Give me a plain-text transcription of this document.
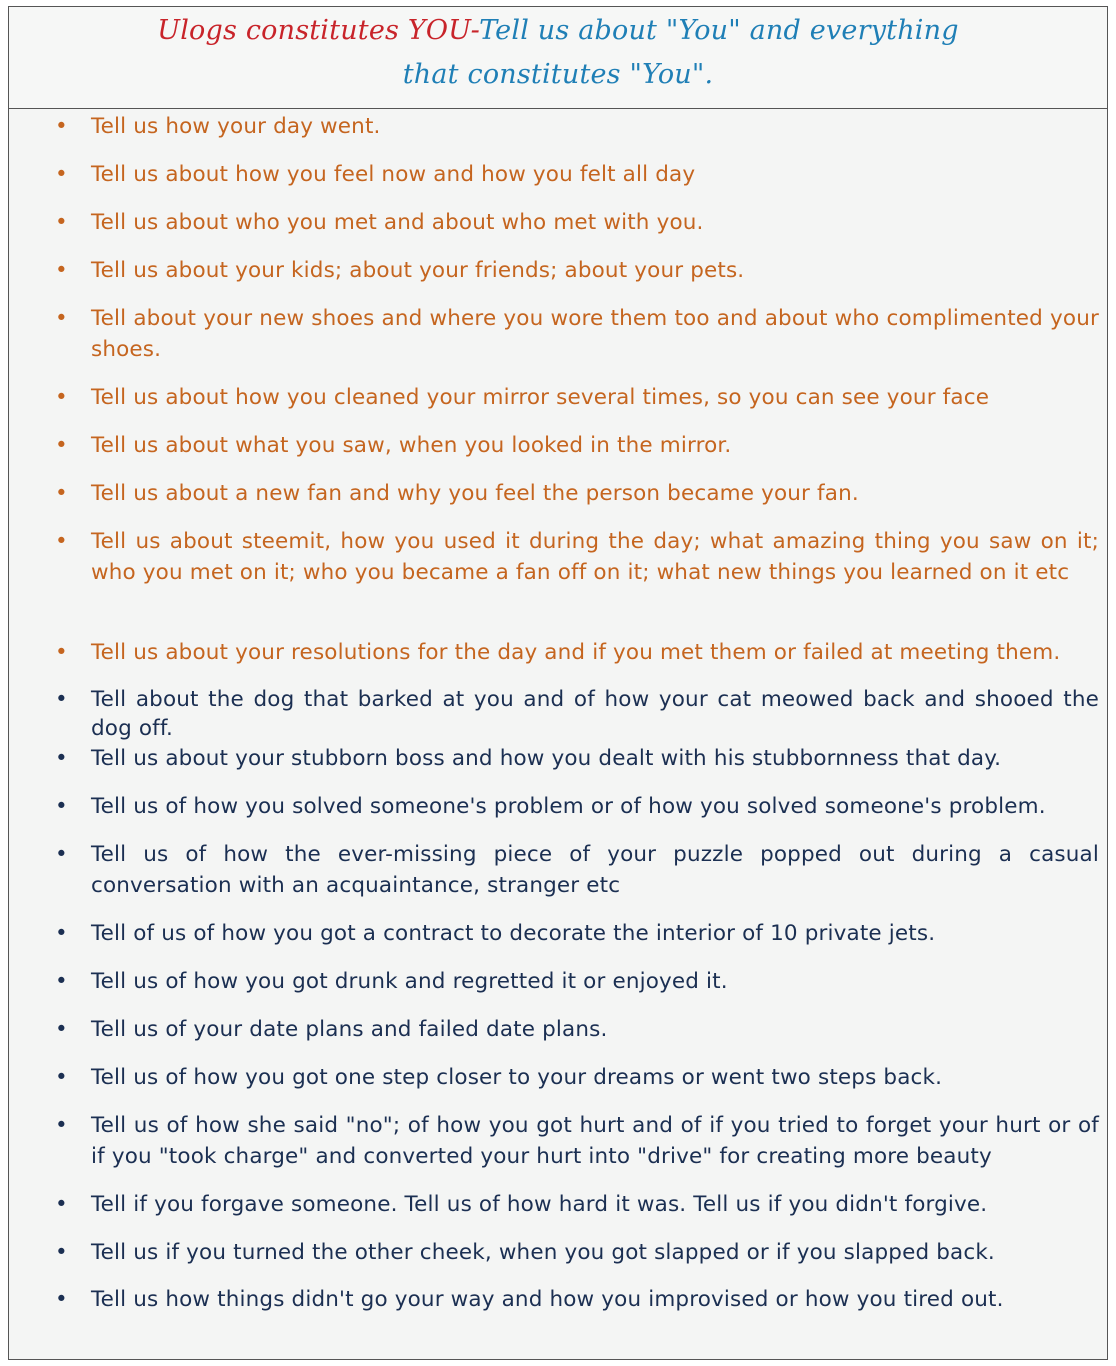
Ulogs constitutes YOU-Tell us about "You" and everything
that constitutes "You".

• Tell us how your day went.

• Tell us about how you feel now and how you felt all day

• Tell us about who you met and about who met with you.

• Tell us about your kids; about your friends; about your pets.

• Tell about your new shoes and where you wore them too and about who complimented your shoes.

• Tell us about how you cleaned your mirror several times, so you can see your face

• Tell us about what you saw, when you looked in the mirror.

• Tell us about a new fan and why you feel the person became your fan.

• Tell us about steemit, how you used it during the day; what amazing thing you saw on it; who you met on it; who you became a fan off on it; what new things you learned on it etc

• Tell us about your resolutions for the day and if you met them or failed at meeting them.

• Tell about the dog that barked at you and of how your cat meowed back and shooed the dog off.

• Tell us about your stubborn boss and how you dealt with his stubbornness that day.

• Tell us of how you solved someone's problem or of how you solved someone's problem.

• Tell us of how the ever-missing piece of your puzzle popped out during a casual conversation with an acquaintance, stranger etc

• Tell of us of how you got a contract to decorate the interior of 10 private jets.

• Tell us of how you got drunk and regretted it or enjoyed it.

• Tell us of your date plans and failed date plans.

• Tell us of how you got one step closer to your dreams or went two steps back.

• Tell us of how she said "no"; of how you got hurt and of if you tried to forget your hurt or of if you "took charge" and converted your hurt into "drive" for creating more beauty

• Tell if you forgave someone. Tell us of how hard it was. Tell us if you didn't forgive.

• Tell us if you turned the other cheek, when you got slapped or if you slapped back.

• Tell us how things didn't go your way and how you improvised or how you tired out.
